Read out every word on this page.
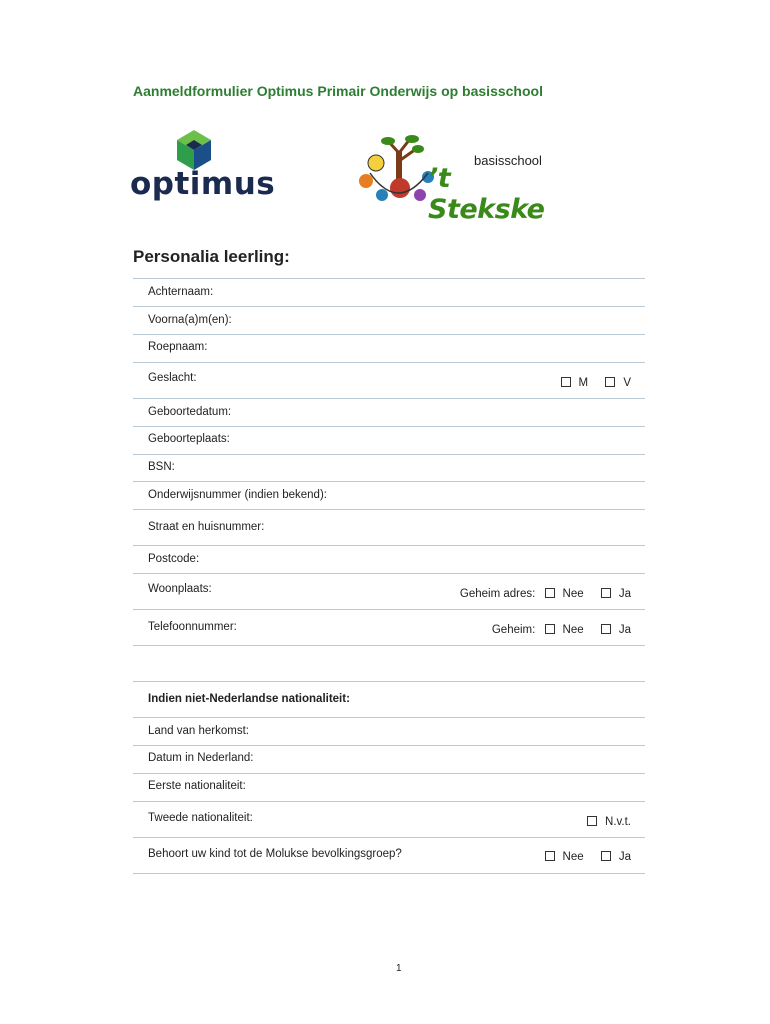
Aanmeldformulier Optimus Primair Onderwijs op basisschool
optimus
basisschool
’t Stekske
Personalia leerling:
Achternaam:
Voorna(a)m(en):
Roepnaam:
Geslacht:	M	V
Geboortedatum:
Geboorteplaats:
BSN:
Onderwijsnummer (indien bekend):
Straat en huisnummer:
Postcode:
Woonplaats:	Geheim adres: Nee	Ja
Telefoonnummer:	Geheim: Nee	Ja
Indien niet-Nederlandse nationaliteit:
Land van herkomst:
Datum in Nederland:
Eerste nationaliteit:
Tweede nationaliteit:	N.v.t.
Behoort uw kind tot de Molukse bevolkingsgroep?	Nee	Ja
1
